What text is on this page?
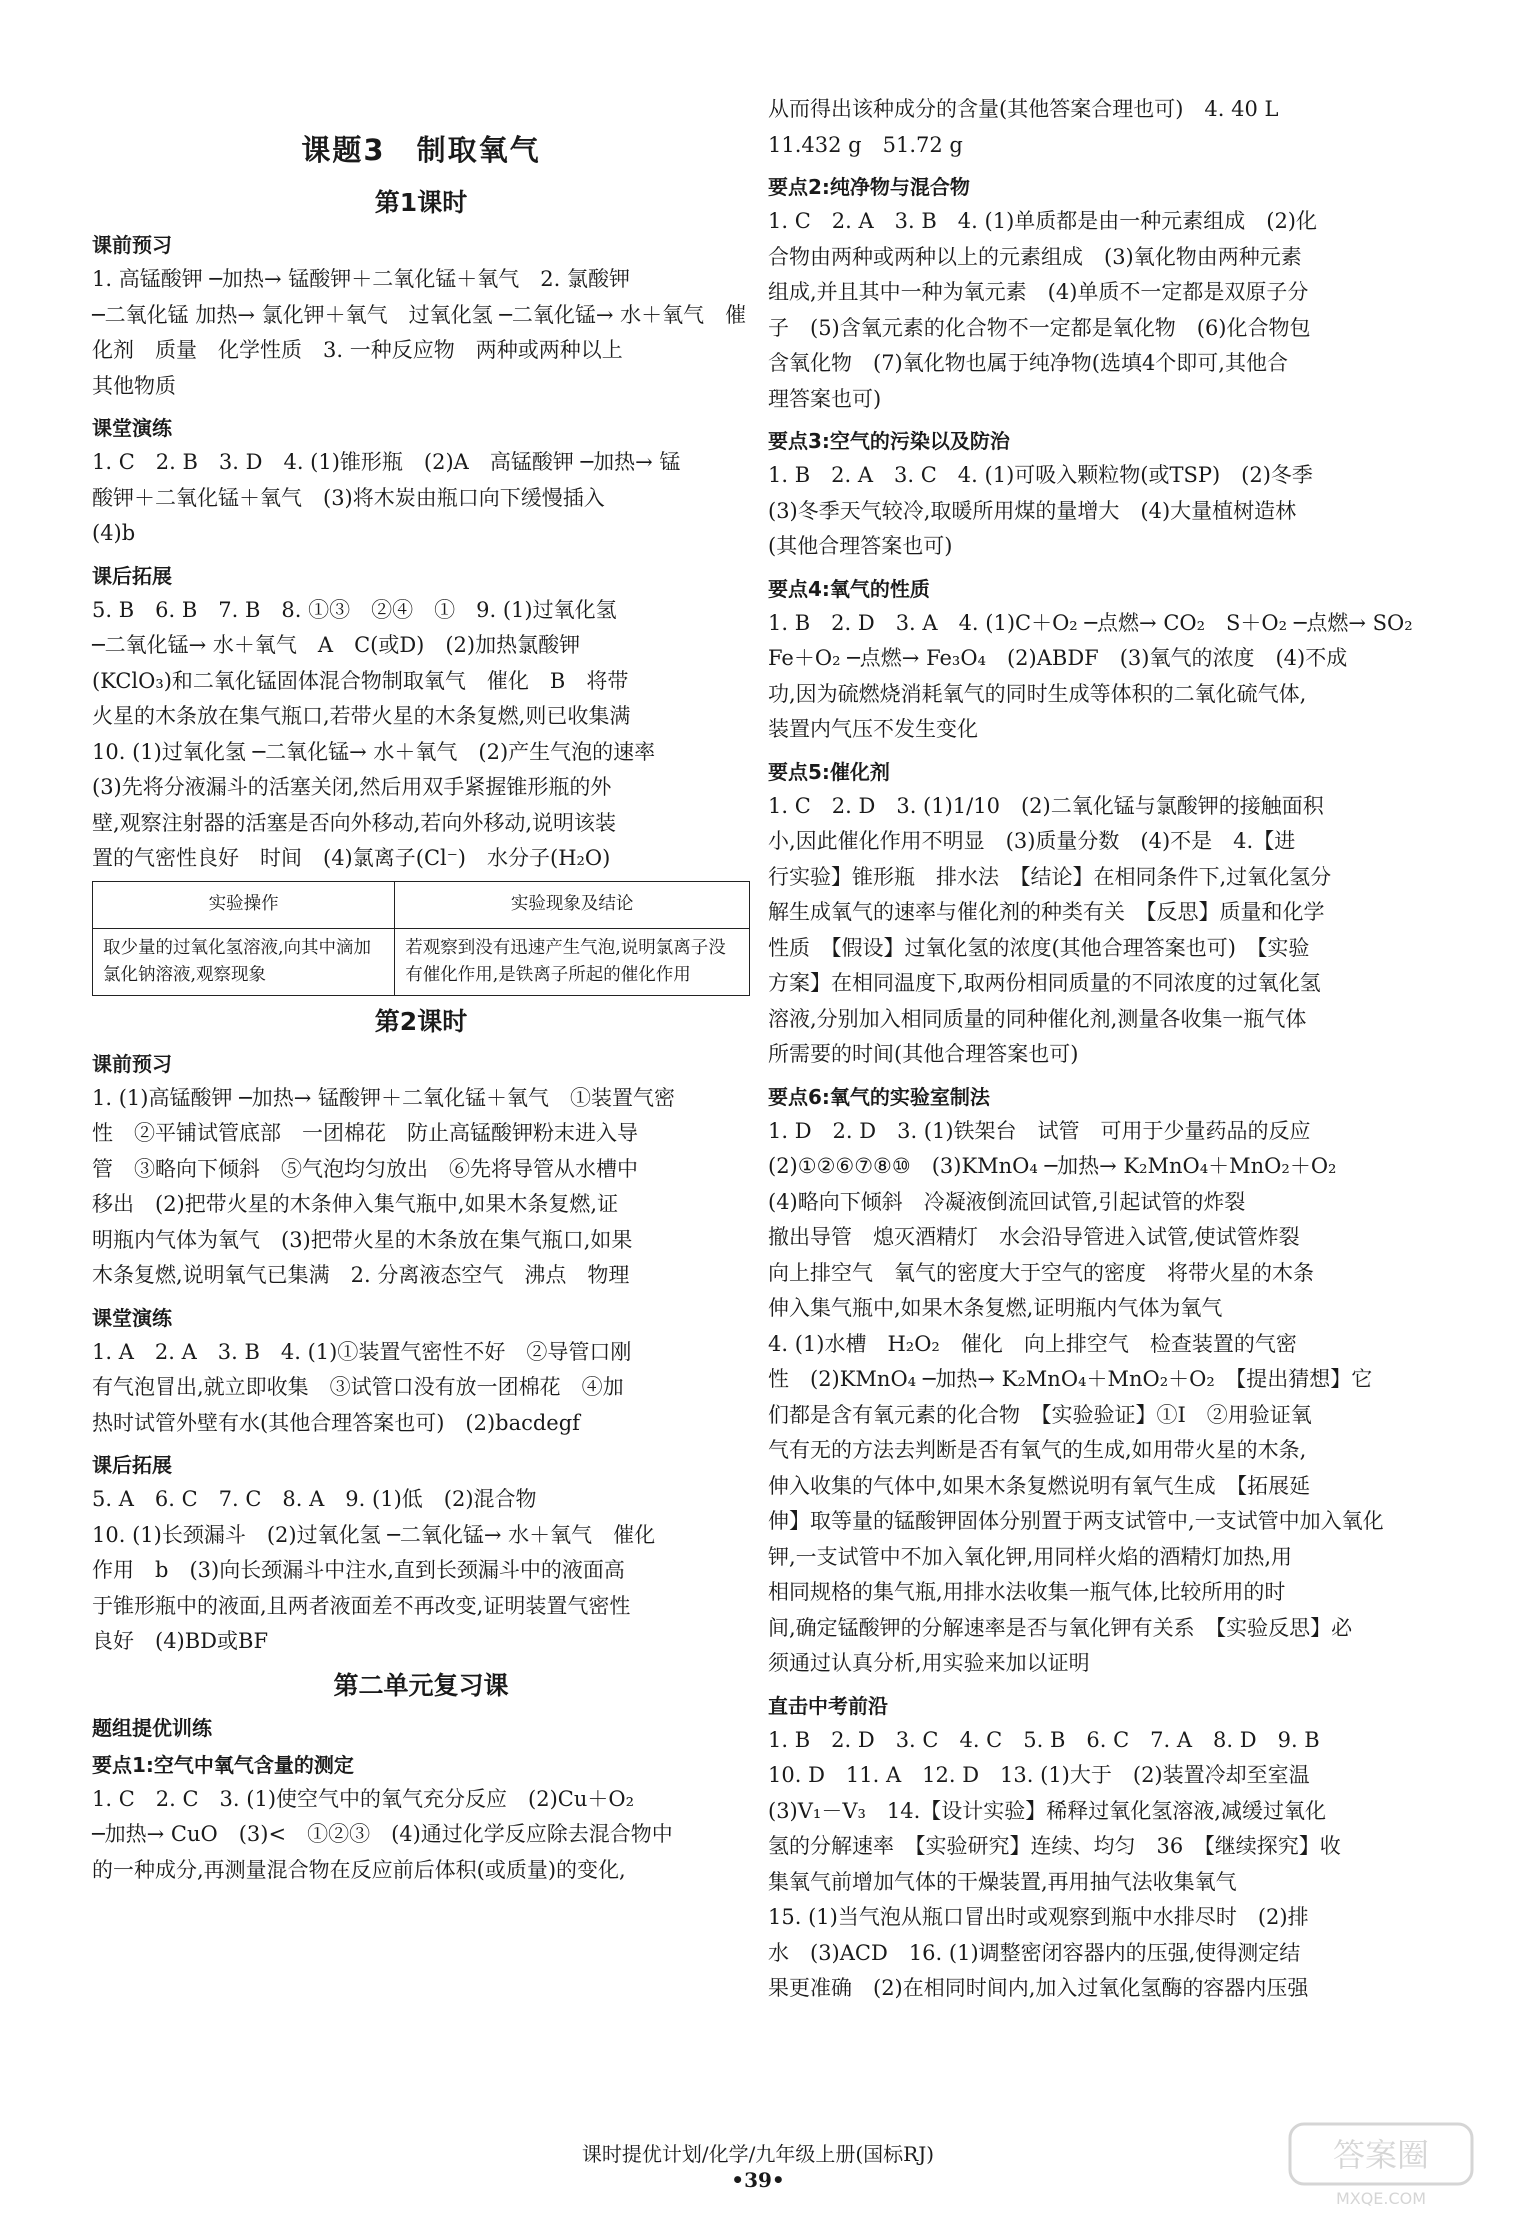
课题3　制取氧气
第1课时
课前预习

1. 高锰酸钾 ─加热→ 锰酸钾＋二氧化锰＋氧气　2. 氯酸钾

─二氧化锰 加热→ 氯化钾＋氧气　过氧化氢 ─二氧化锰→ 水＋氧气　催

化剂　质量　化学性质　3. 一种反应物　两种或两种以上

其他物质

课堂演练

1. C　2. B　3. D　4. (1)锥形瓶　(2)A　高锰酸钾 ─加热→ 锰

酸钾＋二氧化锰＋氧气　(3)将木炭由瓶口向下缓慢插入

(4)b

课后拓展

5. B　6. B　7. B　8. ①③　②④　①　9. (1)过氧化氢

─二氧化锰→ 水＋氧气　A　C(或D)　(2)加热氯酸钾

(KClO₃)和二氧化锰固体混合物制取氧气　催化　B　将带

火星的木条放在集气瓶口,若带火星的木条复燃,则已收集满

10. (1)过氧化氢 ─二氧化锰→ 水＋氧气　(2)产生气泡的速率

(3)先将分液漏斗的活塞关闭,然后用双手紧握锥形瓶的外

壁,观察注射器的活塞是否向外移动,若向外移动,说明该装

置的气密性良好　时间　(4)氯离子(Cl⁻)　水分子(H₂O)

实验操作	实验现象及结论
取少量的过氧化氢溶液,向其中滴加氯化钠溶液,观察现象	若观察到没有迅速产生气泡,说明氯离子没有催化作用,是铁离子所起的催化作用
第2课时
课前预习

1. (1)高锰酸钾 ─加热→ 锰酸钾＋二氧化锰＋氧气　①装置气密

性　②平铺试管底部　一团棉花　防止高锰酸钾粉末进入导

管　③略向下倾斜　⑤气泡均匀放出　⑥先将导管从水槽中

移出　(2)把带火星的木条伸入集气瓶中,如果木条复燃,证

明瓶内气体为氧气　(3)把带火星的木条放在集气瓶口,如果

木条复燃,说明氧气已集满　2. 分离液态空气　沸点　物理

课堂演练

1. A　2. A　3. B　4. (1)①装置气密性不好　②导管口刚

有气泡冒出,就立即收集　③试管口没有放一团棉花　④加

热时试管外壁有水(其他合理答案也可)　(2)bacdegf

课后拓展

5. A　6. C　7. C　8. A　9. (1)低　(2)混合物

10. (1)长颈漏斗　(2)过氧化氢 ─二氧化锰→ 水＋氧气　催化

作用　b　(3)向长颈漏斗中注水,直到长颈漏斗中的液面高

于锥形瓶中的液面,且两者液面差不再改变,证明装置气密性

良好　(4)BD或BF

第二单元复习课
题组提优训练
要点1:空气中氧气含量的测定

1. C　2. C　3. (1)使空气中的氧气充分反应　(2)Cu＋O₂

─加热→ CuO　(3)<　①②③　(4)通过化学反应除去混合物中

的一种成分,再测量混合物在反应前后体积(或质量)的变化,

从而得出该种成分的含量(其他答案合理也可)　4. 40 L

11.432 g　51.72 g

要点2:纯净物与混合物

1. C　2. A　3. B　4. (1)单质都是由一种元素组成　(2)化

合物由两种或两种以上的元素组成　(3)氧化物由两种元素

组成,并且其中一种为氧元素　(4)单质不一定都是双原子分

子　(5)含氧元素的化合物不一定都是氧化物　(6)化合物包

含氧化物　(7)氧化物也属于纯净物(选填4个即可,其他合

理答案也可)

要点3:空气的污染以及防治

1. B　2. A　3. C　4. (1)可吸入颗粒物(或TSP)　(2)冬季

(3)冬季天气较冷,取暖所用煤的量增大　(4)大量植树造林

(其他合理答案也可)

要点4:氧气的性质

1. B　2. D　3. A　4. (1)C＋O₂ ─点燃→ CO₂　S＋O₂ ─点燃→ SO₂

Fe＋O₂ ─点燃→ Fe₃O₄　(2)ABDF　(3)氧气的浓度　(4)不成

功,因为硫燃烧消耗氧气的同时生成等体积的二氧化硫气体,

装置内气压不发生变化

要点5:催化剂

1. C　2. D　3. (1)1/10　(2)二氧化锰与氯酸钾的接触面积

小,因此催化作用不明显　(3)质量分数　(4)不是　4.【进

行实验】锥形瓶　排水法　【结论】在相同条件下,过氧化氢分

解生成氧气的速率与催化剂的种类有关　【反思】质量和化学

性质　【假设】过氧化氢的浓度(其他合理答案也可)　【实验

方案】在相同温度下,取两份相同质量的不同浓度的过氧化氢

溶液,分别加入相同质量的同种催化剂,测量各收集一瓶气体

所需要的时间(其他合理答案也可)

要点6:氧气的实验室制法

1. D　2. D　3. (1)铁架台　试管　可用于少量药品的反应

(2)①②⑥⑦⑧⑩　(3)KMnO₄ ─加热→ K₂MnO₄＋MnO₂＋O₂

(4)略向下倾斜　冷凝液倒流回试管,引起试管的炸裂

撤出导管　熄灭酒精灯　水会沿导管进入试管,使试管炸裂

向上排空气　氧气的密度大于空气的密度　将带火星的木条

伸入集气瓶中,如果木条复燃,证明瓶内气体为氧气

4. (1)水槽　H₂O₂　催化　向上排空气　检查装置的气密

性　(2)KMnO₄ ─加热→ K₂MnO₄＋MnO₂＋O₂　【提出猜想】它

们都是含有氧元素的化合物　【实验验证】①Ⅰ　②用验证氧

气有无的方法去判断是否有氧气的生成,如用带火星的木条,

伸入收集的气体中,如果木条复燃说明有氧气生成　【拓展延

伸】取等量的锰酸钾固体分别置于两支试管中,一支试管中加入氧化

钾,一支试管中不加入氧化钾,用同样火焰的酒精灯加热,用

相同规格的集气瓶,用排水法收集一瓶气体,比较所用的时

间,确定锰酸钾的分解速率是否与氧化钾有关系　【实验反思】必

须通过认真分析,用实验来加以证明

直击中考前沿

1. B　2. D　3. C　4. C　5. B　6. C　7. A　8. D　9. B

10. D　11. A　12. D　13. (1)大于　(2)装置冷却至室温

(3)V₁－V₃　14.【设计实验】稀释过氧化氢溶液,减缓过氧化

氢的分解速率　【实验研究】连续、均匀　36　【继续探究】收

集氧气前增加气体的干燥装置,再用抽气法收集氧气

15. (1)当气泡从瓶口冒出时或观察到瓶中水排尽时　(2)排

水　(3)ACD　16. (1)调整密闭容器内的压强,使得测定结

果更准确　(2)在相同时间内,加入过氧化氢酶的容器内压强

课时提优计划/化学/九年级上册(国标RJ)
•39•
答案圈
MXQE.COM
